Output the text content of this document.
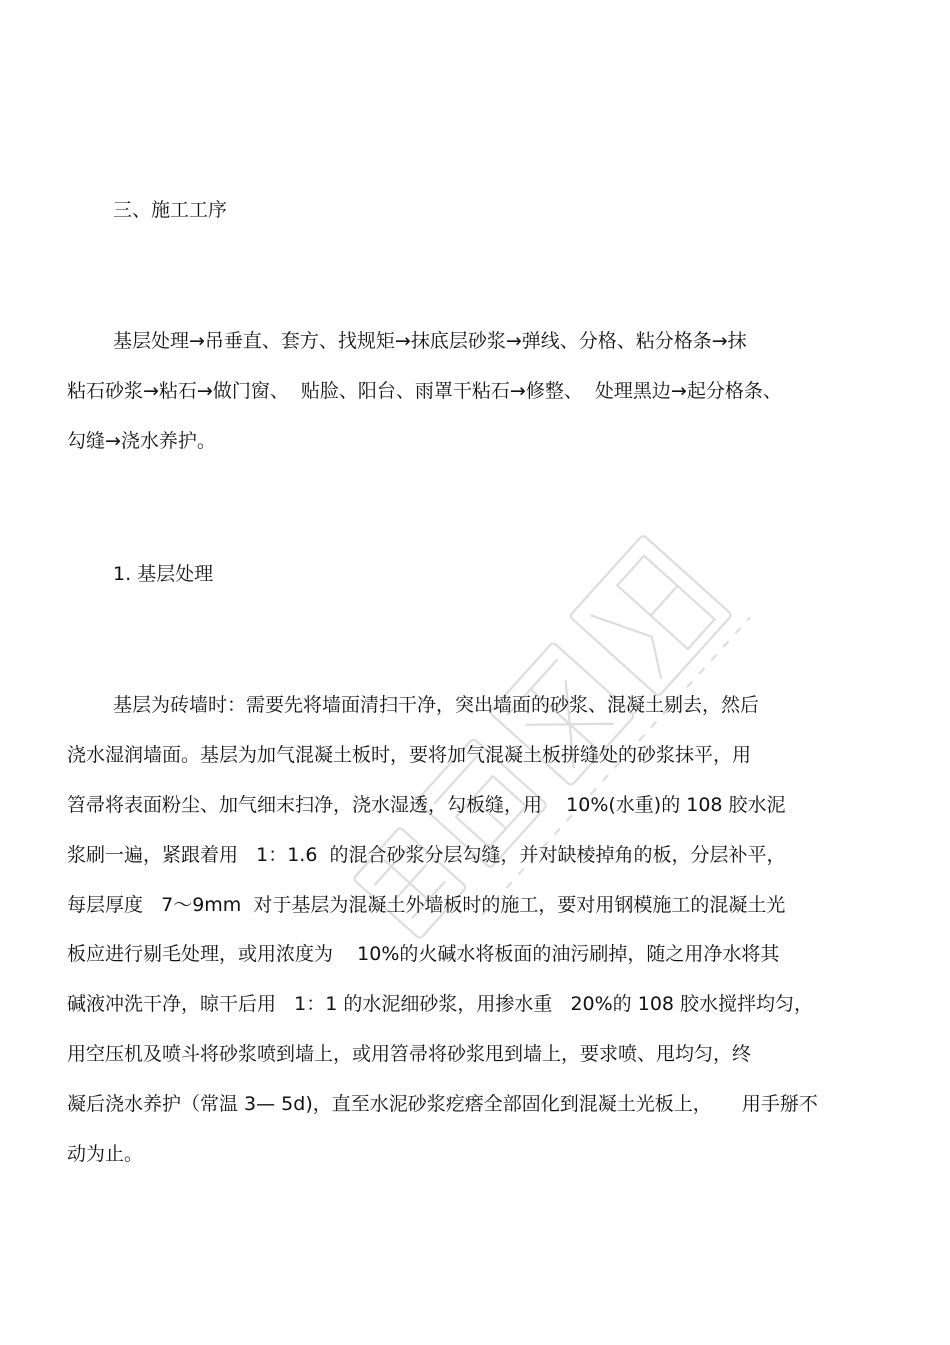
三、施工工序
基层处理→吊垂直、套方、找规矩→抹底层砂浆→弹线、分格、粘分格条→抹
粘石砂浆→粘石→做门窗、  贴脸、阳台、雨罩干粘石→修整、  处理黑边→起分格条、
勾缝→浇水养护。
1. 基层处理
基层为砖墙时：需要先将墙面清扫干净，突出墙面的砂浆、混凝土剔去，然后
浇水湿润墙面。基层为加气混凝土板时，要将加气混凝土板拼缝处的砂浆抹平，用
笤帚将表面粉尘、加气细末扫净，浇水湿透，勾板缝，用    10%(水重)的 108 胶水泥
浆刷一遍，紧跟着用   1：1.6  的混合砂浆分层勾缝，并对缺棱掉角的板，分层补平，
每层厚度   7～9mm  对于基层为混凝土外墙板时的施工，要对用钢模施工的混凝土光
板应进行剔毛处理，或用浓度为    10%的火碱水将板面的油污刷掉，随之用净水将其
碱液冲洗干净，晾干后用   1：1 的水泥细砂浆，用掺水重   20%的 108 胶水搅拌均匀，
用空压机及喷斗将砂浆喷到墙上，或用笤帚将砂浆甩到墙上，要求喷、甩均匀，终
凝后浇水养护（常温 3— 5d)，直至水泥砂浆疙瘩全部固化到混凝土光板上，     用手掰不
动为止。
